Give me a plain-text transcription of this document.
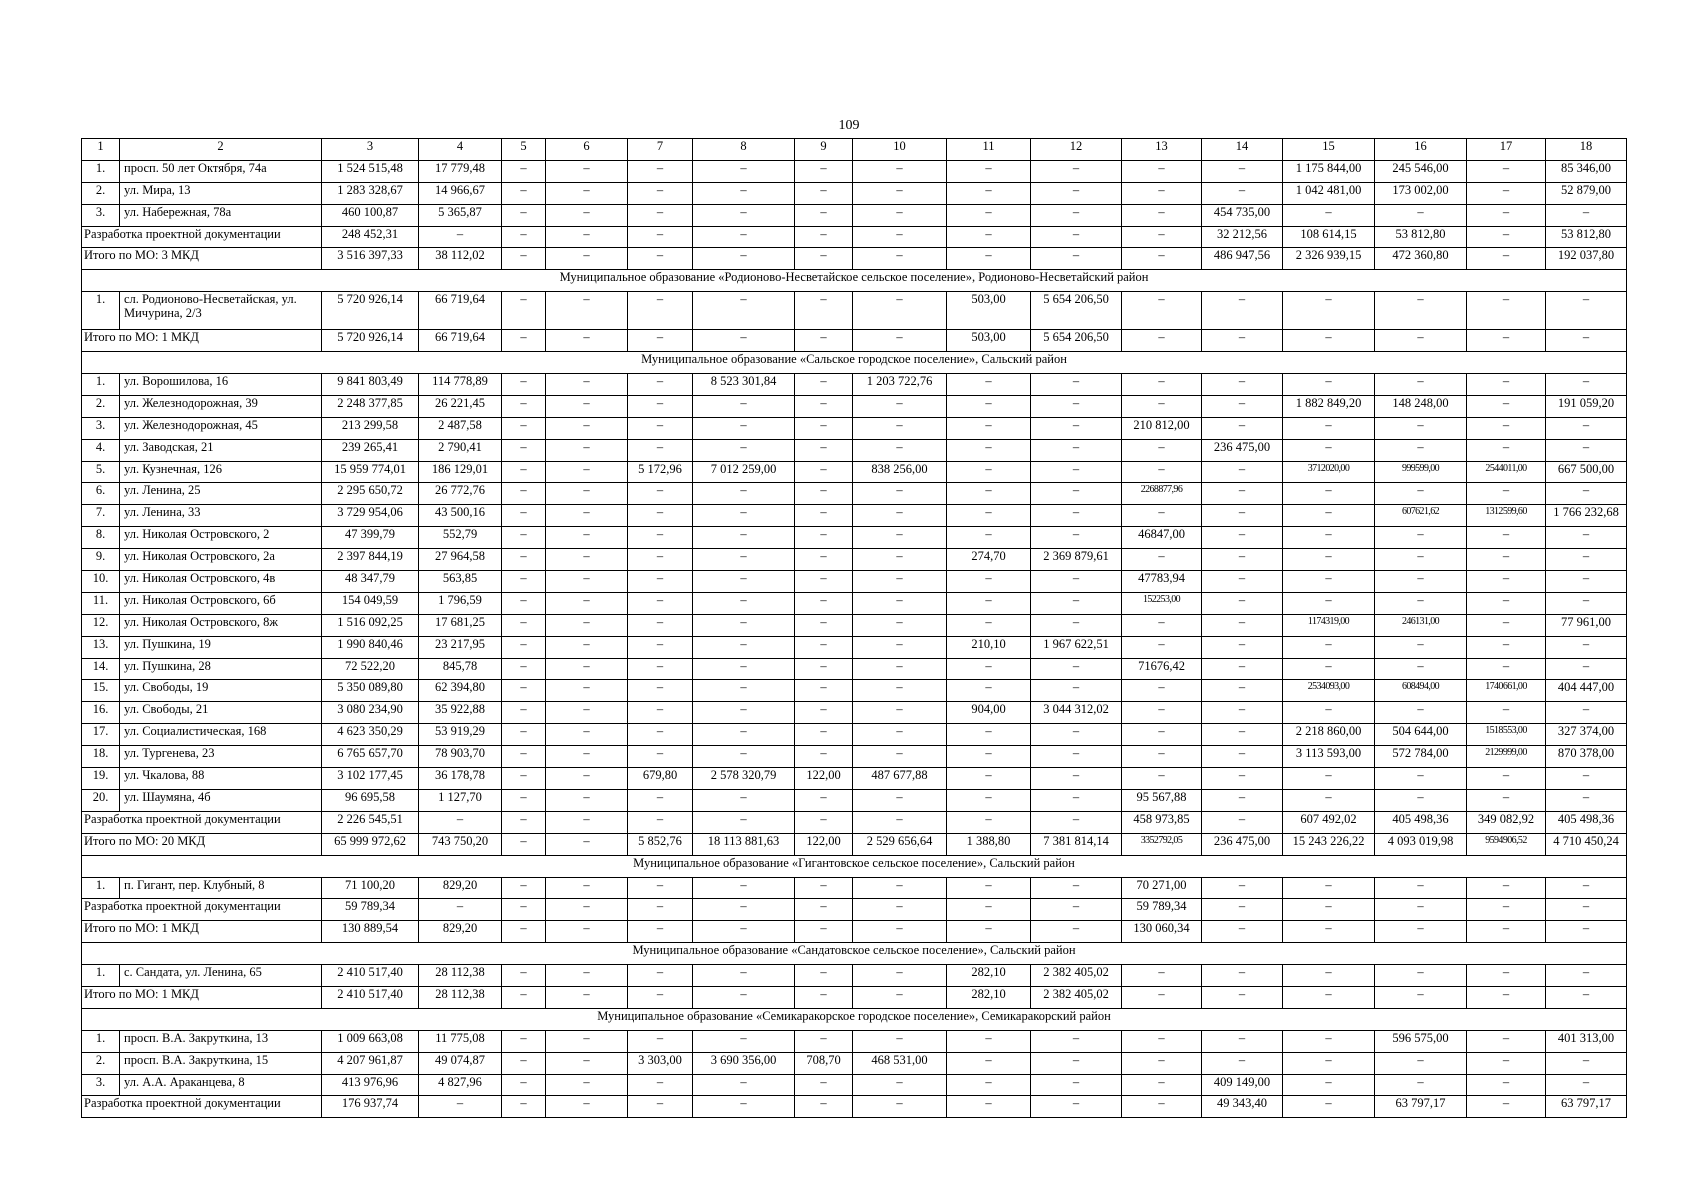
109
1	2	3	4	5	6	7	8	9	10	11	12	13	14	15	16	17	18
1.	просп. 50 лет Октября, 74а	1 524 515,48	17 779,48	–	–	–	–	–	–	–	–	–	–	1 175 844,00	245 546,00	–	85 346,00
2.	ул. Мира, 13	1 283 328,67	14 966,67	–	–	–	–	–	–	–	–	–	–	1 042 481,00	173 002,00	–	52 879,00
3.	ул. Набережная, 78а	460 100,87	5 365,87	–	–	–	–	–	–	–	–	–	454 735,00	–	–	–	–
Разработка проектной документации		248 452,31	–	–	–	–	–	–	–	–	–	–	32 212,56	108 614,15	53 812,80	–	53 812,80
Итого по МО: 3 МКД		3 516 397,33	38 112,02	–	–	–	–	–	–	–	–	–	486 947,56	2 326 939,15	472 360,80	–	192 037,80
Муниципальное образование «Родионово-Несветайское сельское поселение», Родионово-Несветайский район																	
1.	сл. Родионово-Несветайская, ул. Мичурина, 2/3	5 720 926,14	66 719,64	–	–	–	–	–	–	503,00	5 654 206,50	–	–	–	–	–	–
Итого по МО: 1 МКД		5 720 926,14	66 719,64	–	–	–	–	–	–	503,00	5 654 206,50	–	–	–	–	–	–
Муниципальное образование «Сальское городское поселение», Сальский район																	
1.	ул. Ворошилова, 16	9 841 803,49	114 778,89	–	–	–	8 523 301,84	–	1 203 722,76	–	–	–	–	–	–	–	–
2.	ул. Железнодорожная, 39	2 248 377,85	26 221,45	–	–	–	–	–	–	–	–	–	–	1 882 849,20	148 248,00	–	191 059,20
3.	ул. Железнодорожная, 45	213 299,58	2 487,58	–	–	–	–	–	–	–	–	210 812,00	–	–	–	–	–
4.	ул. Заводская, 21	239 265,41	2 790,41	–	–	–	–	–	–	–	–	–	236 475,00	–	–	–	–
5.	ул. Кузнечная, 126	15 959 774,01	186 129,01	–	–	5 172,96	7 012 259,00	–	838 256,00	–	–	–	–	3712020,00	999599,00	2544011,00	667 500,00
6.	ул. Ленина, 25	2 295 650,72	26 772,76	–	–	–	–	–	–	–	–	2268877,96	–	–	–	–	–
7.	ул. Ленина, 33	3 729 954,06	43 500,16	–	–	–	–	–	–	–	–	–	–	–	607621,62	1312599,60	1 766 232,68
8.	ул. Николая Островского, 2	47 399,79	552,79	–	–	–	–	–	–	–	–	46847,00	–	–	–	–	–
9.	ул. Николая Островского, 2а	2 397 844,19	27 964,58	–	–	–	–	–	–	274,70	2 369 879,61	–	–	–	–	–	–
10.	ул. Николая Островского, 4в	48 347,79	563,85	–	–	–	–	–	–	–	–	47783,94	–	–	–	–	–
11.	ул. Николая Островского, 6б	154 049,59	1 796,59	–	–	–	–	–	–	–	–	152253,00	–	–	–	–	–
12.	ул. Николая Островского, 8ж	1 516 092,25	17 681,25	–	–	–	–	–	–	–	–	–	–	1174319,00	246131,00	–	77 961,00
13.	ул. Пушкина, 19	1 990 840,46	23 217,95	–	–	–	–	–	–	210,10	1 967 622,51	–	–	–	–	–	–
14.	ул. Пушкина, 28	72 522,20	845,78	–	–	–	–	–	–	–	–	71676,42	–	–	–	–	–
15.	ул. Свободы, 19	5 350 089,80	62 394,80	–	–	–	–	–	–	–	–	–	–	2534093,00	608494,00	1740661,00	404 447,00
16.	ул. Свободы, 21	3 080 234,90	35 922,88	–	–	–	–	–	–	904,00	3 044 312,02	–	–	–	–	–	–
17.	ул. Социалистическая, 168	4 623 350,29	53 919,29	–	–	–	–	–	–	–	–	–	–	2 218 860,00	504 644,00	1518553,00	327 374,00
18.	ул. Тургенева, 23	6 765 657,70	78 903,70	–	–	–	–	–	–	–	–	–	–	3 113 593,00	572 784,00	2129999,00	870 378,00
19.	ул. Чкалова, 88	3 102 177,45	36 178,78	–	–	679,80	2 578 320,79	122,00	487 677,88	–	–	–	–	–	–	–	–
20.	ул. Шаумяна, 4б	96 695,58	1 127,70	–	–	–	–	–	–	–	–	95 567,88	–	–	–	–	–
Разработка проектной документации		2 226 545,51	–	–	–	–	–	–	–	–	–	458 973,85	–	607 492,02	405 498,36	349 082,92	405 498,36
Итого по МО: 20 МКД		65 999 972,62	743 750,20	–	–	5 852,76	18 113 881,63	122,00	2 529 656,64	1 388,80	7 381 814,14	3352792,05	236 475,00	15 243 226,22	4 093 019,98	9594906,52	4 710 450,24
Муниципальное образование «Гигантовское сельское поселение», Сальский район																	
1.	п. Гигант, пер. Клубный, 8	71 100,20	829,20	–	–	–	–	–	–	–	–	70 271,00	–	–	–	–	–
Разработка проектной документации		59 789,34	–	–	–	–	–	–	–	–	–	59 789,34	–	–	–	–	–
Итого по МО: 1 МКД		130 889,54	829,20	–	–	–	–	–	–	–	–	130 060,34	–	–	–	–	–
Муниципальное образование «Сандатовское сельское поселение», Сальский район																	
1.	с. Сандата, ул. Ленина, 65	2 410 517,40	28 112,38	–	–	–	–	–	–	282,10	2 382 405,02	–	–	–	–	–	–
Итого по МО: 1 МКД		2 410 517,40	28 112,38	–	–	–	–	–	–	282,10	2 382 405,02	–	–	–	–	–	–
Муниципальное образование «Семикаракорское городское поселение», Семикаракорский район																	
1.	просп. В.А. Закруткина, 13	1 009 663,08	11 775,08	–	–	–	–	–	–	–	–	–	–	–	596 575,00	–	401 313,00
2.	просп. В.А. Закруткина, 15	4 207 961,87	49 074,87	–	–	3 303,00	3 690 356,00	708,70	468 531,00	–	–	–	–	–	–	–	–
3.	ул. А.А. Араканцева, 8	413 976,96	4 827,96	–	–	–	–	–	–	–	–	–	409 149,00	–	–	–	–
Разработка проектной документации		176 937,74	–	–	–	–	–	–	–	–	–	–	49 343,40	–	63 797,17	–	63 797,17
